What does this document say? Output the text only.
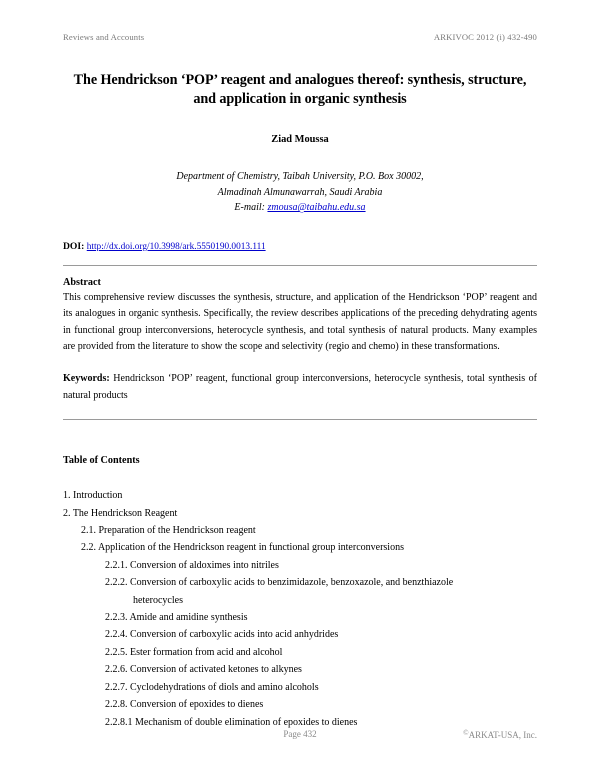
Reviews and Accounts	ARKIVOC 2012 (i) 432-490
The Hendrickson ‘POP’ reagent and analogues thereof: synthesis, structure, and application in organic synthesis
Ziad Moussa
Department of Chemistry, Taibah University, P.O. Box 30002,
Almadinah Almunawarrah, Saudi Arabia
E-mail: zmousa@taibahu.edu.sa
DOI: http://dx.doi.org/10.3998/ark.5550190.0013.111
Abstract
This comprehensive review discusses the synthesis, structure, and application of the Hendrickson ‘POP’ reagent and its analogues in organic synthesis. Specifically, the review describes applications of the preceding dehydrating agents in functional group interconversions, heterocycle synthesis, and total synthesis of natural products. Many examples are provided from the literature to show the scope and selectivity (regio and chemo) in these transformations.
Keywords: Hendrickson ‘POP’ reagent, functional group interconversions, heterocycle synthesis, total synthesis of natural products
Table of Contents
1. Introduction
2. The Hendrickson Reagent
2.1. Preparation of the Hendrickson reagent
2.2. Application of the Hendrickson reagent in functional group interconversions
2.2.1. Conversion of aldoximes into nitriles
2.2.2. Conversion of carboxylic acids to benzimidazole, benzoxazole, and benzthiazole
heterocycles
2.2.3. Amide and amidine synthesis
2.2.4. Conversion of carboxylic acids into acid anhydrides
2.2.5. Ester formation from acid and alcohol
2.2.6. Conversion of activated ketones to alkynes
2.2.7. Cyclodehydrations of diols and amino alcohols
2.2.8. Conversion of epoxides to dienes
2.2.8.1 Mechanism of double elimination of epoxides to dienes
Page 432	©ARKAT-USA, Inc.
